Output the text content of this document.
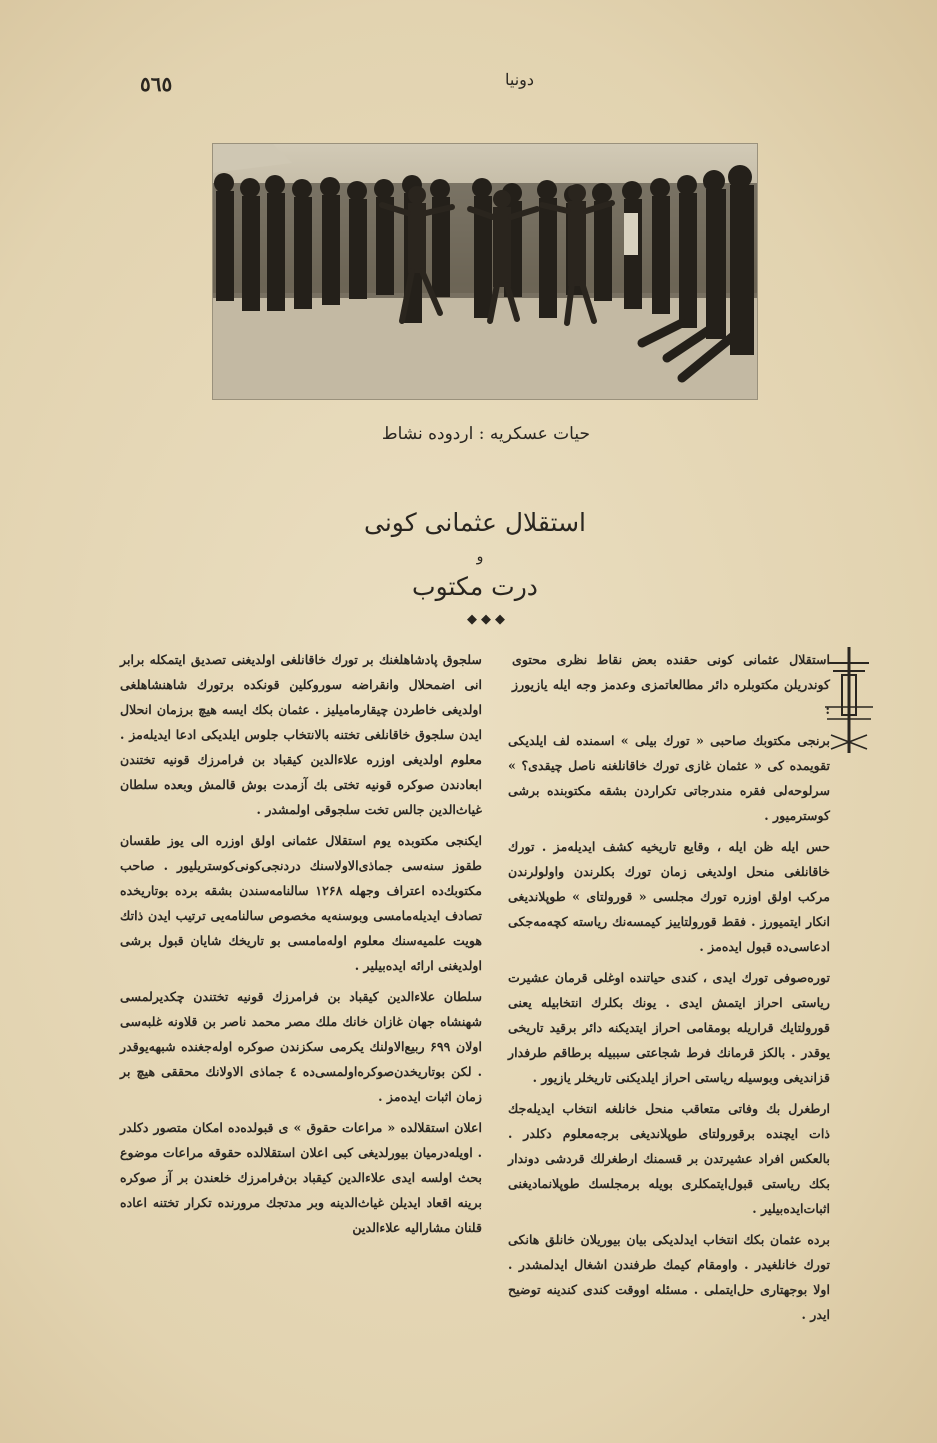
٥٦٥	دونیا
حیات عسکریه : اردوده نشاط
استقلال عثمانی کونی
و
درت مکتوب
◆◆◆

استقلال عثمانی کونی حقنده بعض نقاط نظری محتوی کوندریلن مکتوبلره دائر مطالعاتمزی وعدمز وجه ایله یازیورز :

برنجی مکتوبك صاحبی « تورك بیلی » اسمنده لف ایلدیکی تقویمده کی « عثمان غازی تورك خاقانلغنه ناصل چیقدی؟ » سرلوحه‌لی فقره مندرجاتی تکراردن بشقه مکتوبنده برشی کوسترمیور .

حس ایله ظن ایله ، وقایع تاریخیه کشف ایدیله‌مز . تورك خاقانلغی منحل اولدیغی زمان تورك بکلرندن واولولرندن مرکب اولق اوزره تورك مجلسی « قورولتای » طوپلاندیغی انکار ایتمیورز . فقط قورولتاییز کیمسه‌نك ریاسته کچه‌مه‌جکی ادعاسی‌ده قبول ایده‌مز .

توره‌صوفی تورك ایدی ، کندی حیاتنده اوغلی قرمان عشیرت ریاستی احراز ایتمش ایدی . یونك بکلرك انتخابیله یعنی قورولتایك قراریله بومقامی احراز ایتدیکنه دائر برقید تاریخی یوقدر . بالکز قرمانك فرط شجاعتی سببیله برطاقم طرفدار قزاندیغی وبوسیله ریاستی احراز ایلدیکنی تاریخلر یازیور .

ارطغرل بك وفاتی متعاقب منحل خانلغه انتخاب ایدیله‌جك ذات ایچنده برقورولتای طوپلاندیغی برجه‌معلوم دکلدر . بالعکس افراد عشیرتدن بر قسمنك ارطغرلك قردشی دوندار بکك ریاستی قبول‌ایتمکلری بویله برمجلسك طوپلانمادیغنی اثبات‌ایده‌بیلیر .

برده عثمان بکك انتخاب ایدلدیکی بیان بیوریلان خانلق هانکی تورك خانلغیدر . واومقام کیمك طرفندن اشغال ایدلمشدر . اولا بوجهتاری حل‌ایتملی . مسئله اووقت کندی کندینه توضیح ایدر .

سلجوق پادشاهلغنك بر تورك خاقانلغی اولدیغنی تصدیق ایتمکله برابر انی اضمحلال وانقراضه سوروکلین قونکده برتورك شاهنشاهلغی اولدیغی خاطردن چیقارمامیلیز . عثمان بکك ایسه هیچ برزمان انحلال ایدن سلجوق خاقانلغی تختنه بالانتخاب جلوس ایلدیکی ادعا ایدیله‌مز . معلوم اولدیغی اوزره علاءالدین کیقباد بن فرامرزك قونیه تختندن ابعادندن صوکره قونیه تختی بك آزمدت بوش قالمش وبعده سلطان غیاث‌الدین جالس تخت سلجوقی اولمشدر .

ایکنجی مکتوبده یوم استقلال عثمانی اولق اوزره الی یوز طقسان طقوز سنه‌سی جماذی‌الاولاسنك دردنجی‌کونی‌کوستریلیور . صاحب مکتوبك‌ده اعتراف وجهله ۱۲۶۸ سالنامه‌سندن بشقه برده بوتاریخده تصادف ایدیله‌مامسی وبوسنه‌یه مخصوص سالنامه‌یی ترتیب ایدن ذاتك هویت علمیه‌سنك معلوم اوله‌مامسی بو تاریخك شایان قبول برشی اولدیغنی ارائه ایده‌بیلیر .

سلطان علاءالدین کیقباد بن فرامرزك قونیه تختندن چکدیرلمسی شهنشاه جهان غازان خانك ملك مصر محمد ناصر بن قلاونه غلبه‌سی اولان ۶۹۹ ربیع‌الاولنك یکرمی سکزندن صوکره اوله‌جغنده شبهه‌یوقدر . لکن بوتاریخدن‌صوکره‌اولمسی‌ده ٤ جماذی الاولانك محققی هیچ بر زمان اثبات ایده‌مز .

اعلان استقلالده « مراعات حقوق » ی قبولده‌ده امکان متصور دکلدر . اویله‌درمیان بیورلدیغی کبی اعلان استقلالده حقوقه مراعات موضوع بحث اولسه ایدی علاءالدین کیقباد بن‌فرامرزك خلعندن بر آز صوکره برینه اقعاد ایدیلن غیاث‌الدینه وبر مدتجك مرورنده تکرار تختنه اعاده قلنان مشارالیه علاءالدین
